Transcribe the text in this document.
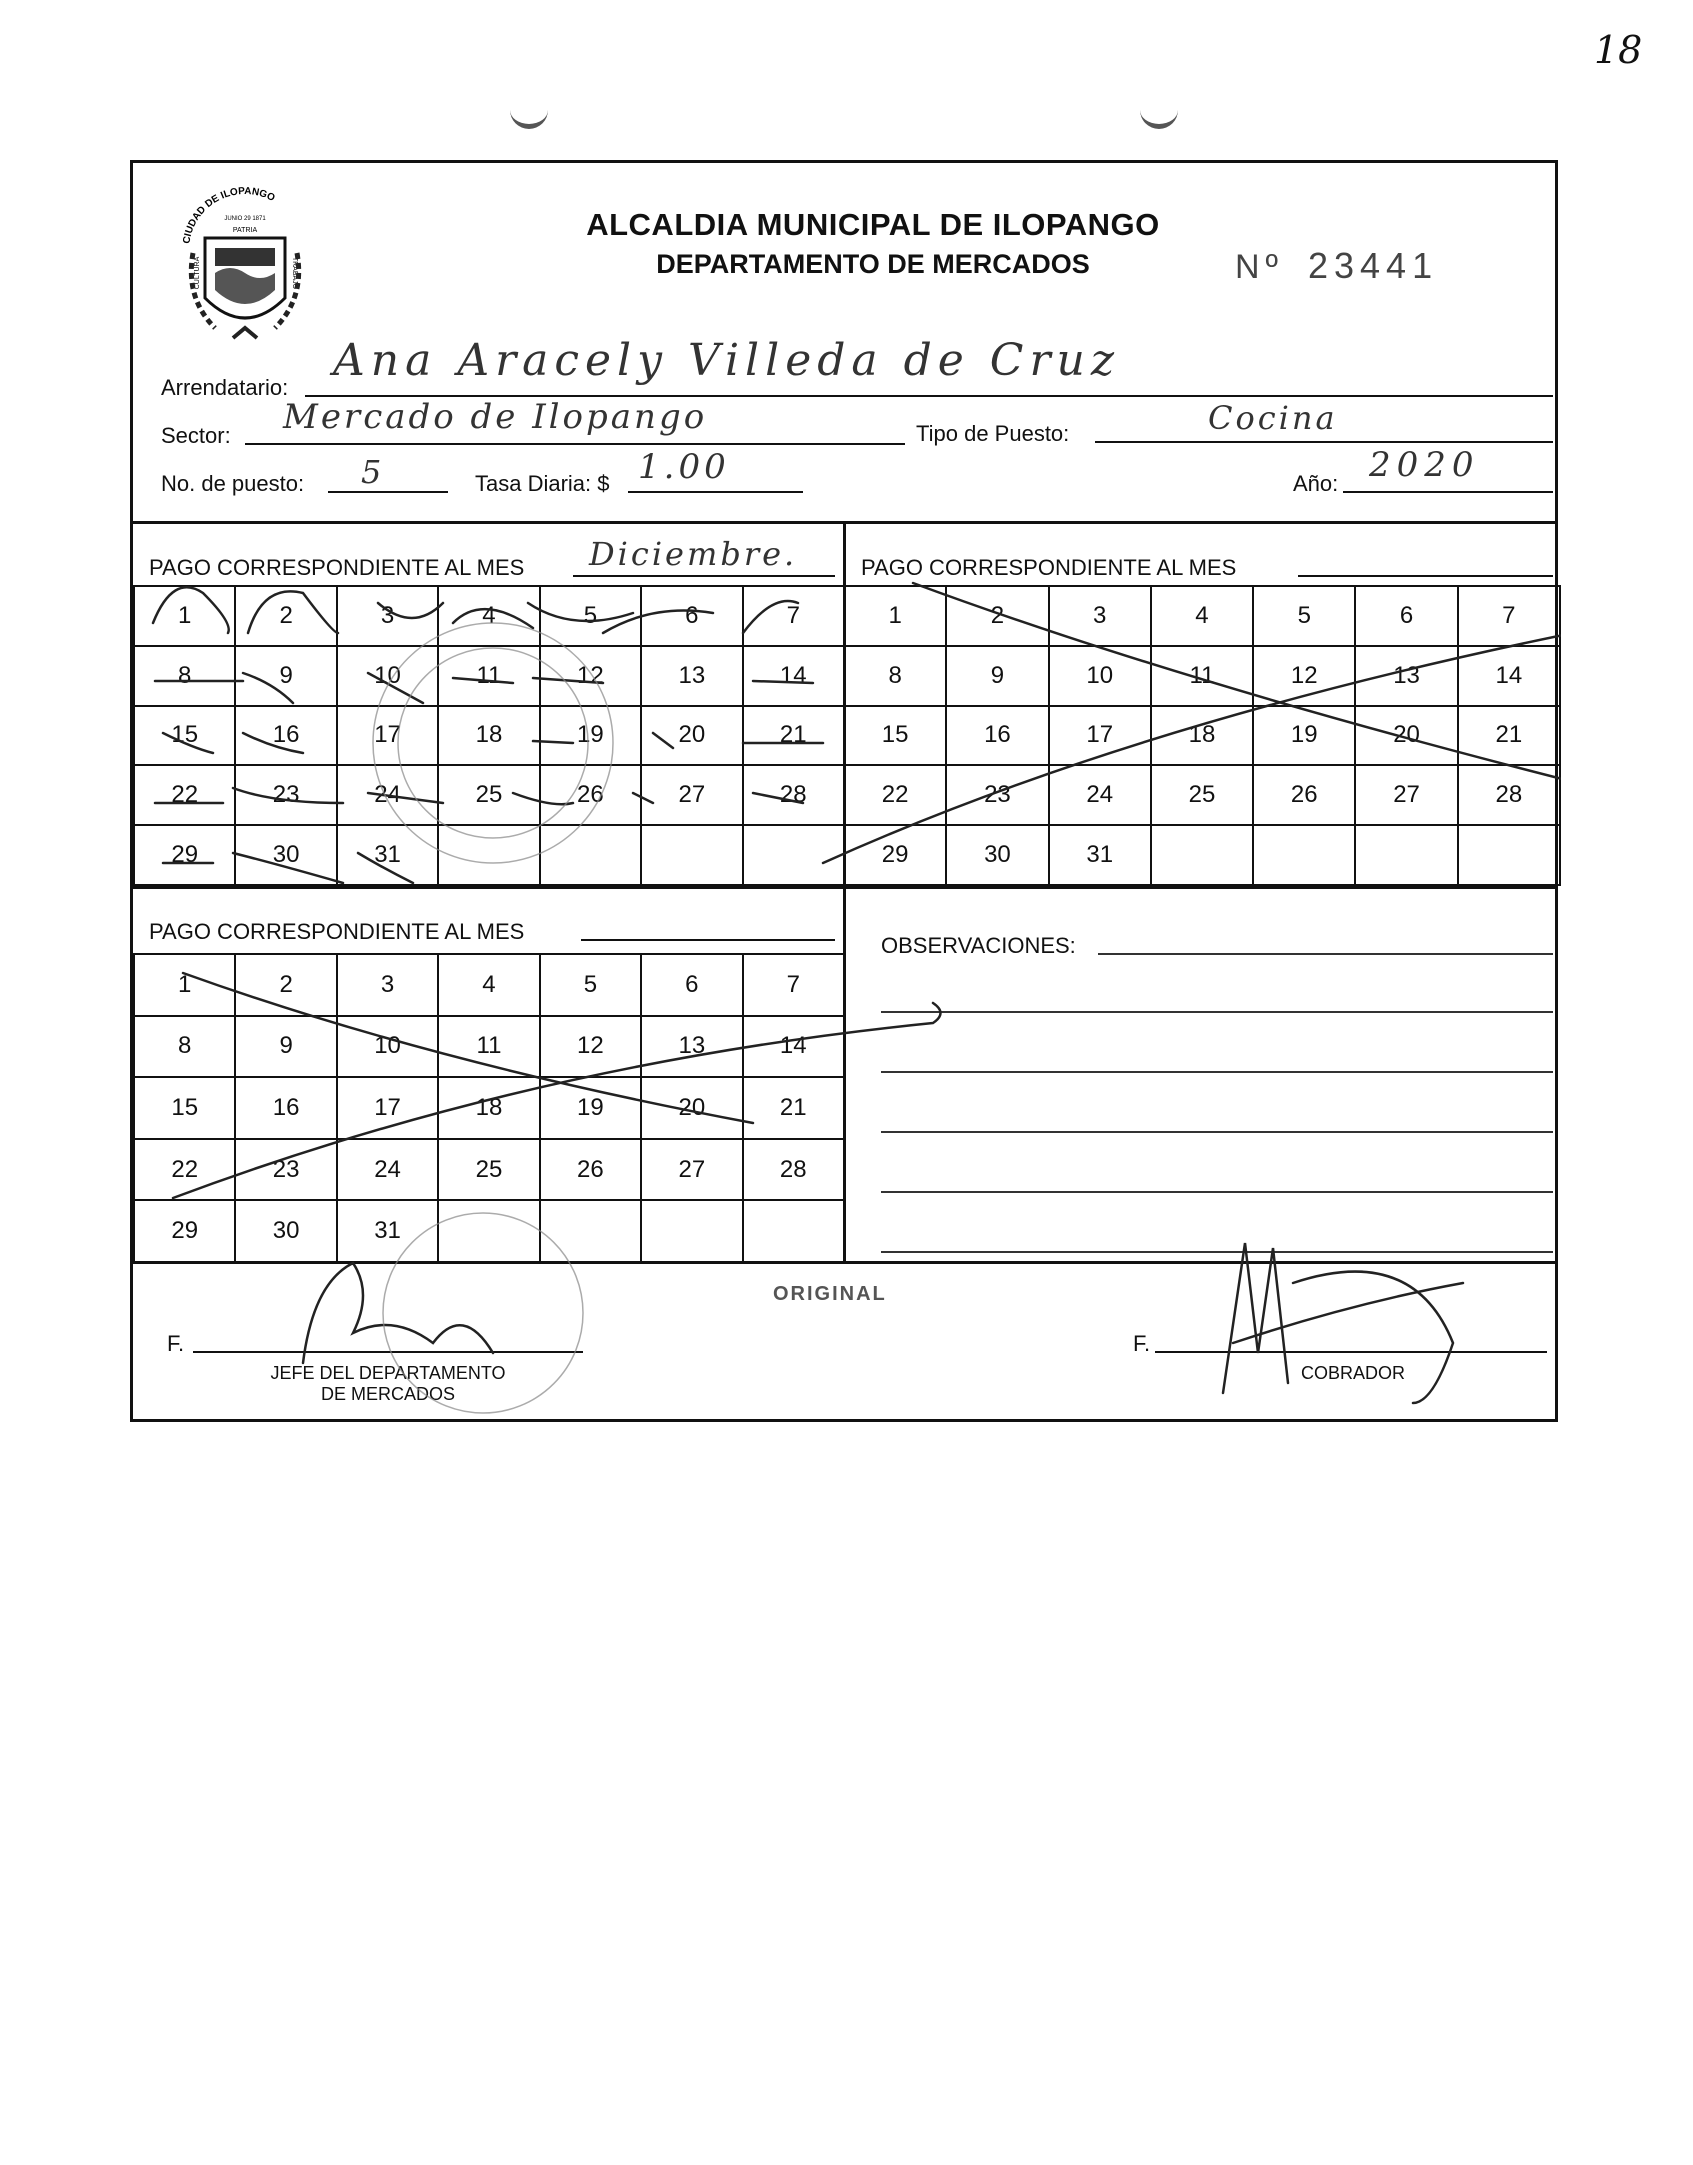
18
CIUDAD DE ILOPANGO
JUNIO 29 1871
PATRIA
CULTURA	TRABAJO
ALCALDIA MUNICIPAL DE ILOPANGO
DEPARTAMENTO DE MERCADOS	Nº 23441
Arrendatario:
Ana Aracely Villeda de Cruz
Sector: Mercado de Ilopango	Tipo de Puesto:	Cocina
No. de puesto: 5	Tasa Diaria: $ 1.00	Año: 2020
PAGO CORRESPONDIENTE AL MES Diciembre.	PAGO CORRESPONDIENTE AL MES
1	2	3	4	5	6	7
8	9	10	11	12	13	14
15	16	17	18	19	20	21
22	23	24	25	26	27	28
29	30	31				
1	2	3	4	5	6	7
8	9	10	11	12	13	14
15	16	17	18	19	20	21
22	23	24	25	26	27	28
29	30	31				
PAGO CORRESPONDIENTE AL MES
1	2	3	4	5	6	7
8	9	10	11	12	13	14
15	16	17	18	19	20	21
22	23	24	25	26	27	28
29	30	31				
OBSERVACIONES:
ORIGINAL
F.
JEFE DEL DEPARTAMENTO
DE MERCADOS
F.
COBRADOR
